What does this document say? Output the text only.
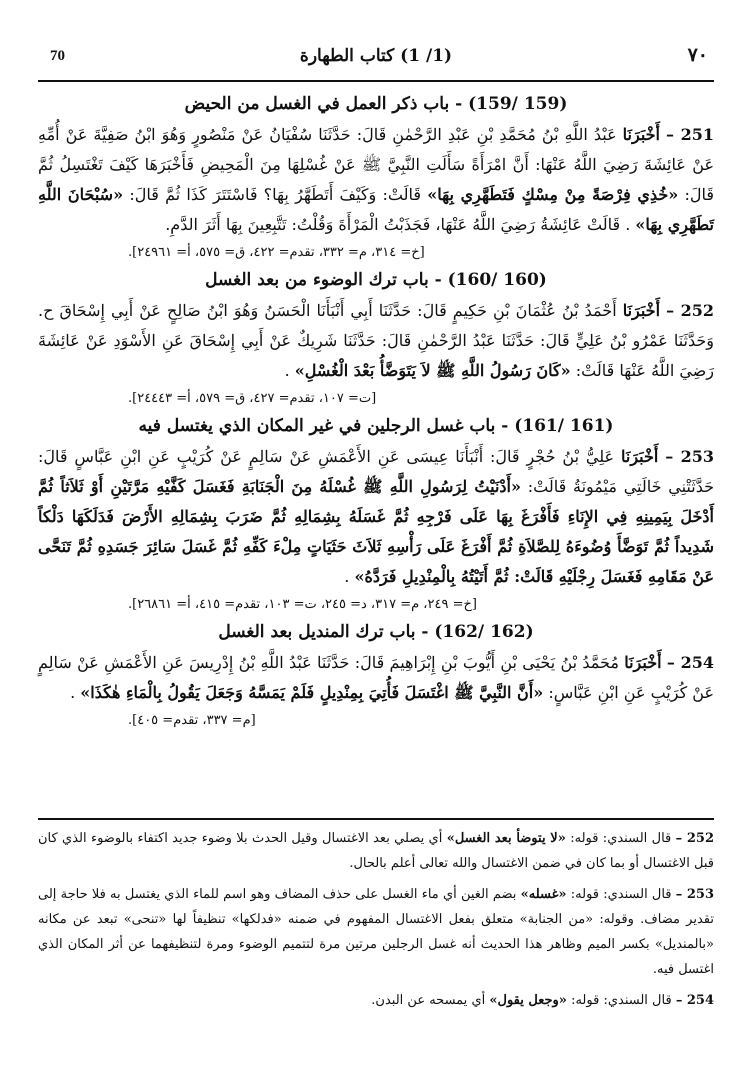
70	(1/ 1) كتاب الطهارة	٧٠
(159 /159) - باب ذكر العمل في الغسل من الحيض
251 – أَخْبَرَنَا عَبْدُ اللَّهِ بْنُ مُحَمَّدِ بْنِ عَبْدِ الرَّحْمٰنِ قَالَ: حَدَّثَنَا سُفْيَانُ عَنْ مَنْصُورٍ وَهُوَ ابْنُ صَفِيَّةَ عَنْ أُمِّهِ عَنْ عَائِشَةَ رَضِيَ اللَّهُ عَنْهَا: أَنَّ امْرَأَةً سَأَلَتِ النَّبِيَّ ﷺ عَنْ غُسْلِهَا مِنَ الْمَحِيضِ فَأَخْبَرَهَا كَيْفَ تَغْتَسِلُ ثُمَّ قَالَ: «خُذِي فِرْصَةً مِنْ مِسْكٍ فَتَطَهَّرِي بِهَا» قَالَتْ: وَكَيْفَ أَتَطَهَّرُ بِهَا؟ فَاسْتَتَرَ كَذَا ثُمَّ قَالَ: «سُبْحَانَ اللَّهِ تَطَهَّرِي بِهَا» . قَالَتْ عَائِشَةُ رَضِيَ اللَّهُ عَنْهَا، فَجَذَبْتُ الْمَرْأَةَ وَقُلْتُ: تَتَّبِعِينَ بِهَا أَثَرَ الدَّمِ.
[خ= ٣١٤، م= ٣٣٢، تقدم= ٤٢٢، ق= ٥٧٥، أ= ٢٤٩٦١].
(160 /160) - باب ترك الوضوء من بعد الغسل
252 – أَخْبَرَنَا أَحْمَدُ بْنُ عُثْمَانَ بْنِ حَكِيمٍ قَالَ: حَدَّثَنَا أَبِي أَنْبَأَنَا الْحَسَنُ وَهُوَ ابْنُ صَالِحٍ عَنْ أَبِي إِسْحَاقَ ح. وَحَدَّثَنَا عَمْرُو بْنُ عَلِيٍّ قَالَ: حَدَّثَنَا عَبْدُ الرَّحْمٰنِ قَالَ: حَدَّثَنَا شَرِيكٌ عَنْ أَبِي إِسْحَاقَ عَنِ الأَسْوَدِ عَنْ عَائِشَةَ رَضِيَ اللَّهُ عَنْهَا قَالَتْ: «كَانَ رَسُولُ اللَّهِ ﷺ لاَ يَتَوَضَّأُ بَعْدَ الْغُسْلِ» .
[ت= ١٠٧، تقدم= ٤٢٧، ق= ٥٧٩، أ= ٢٤٤٤٣].
(161 /161) - باب غسل الرجلين في غير المكان الذي يغتسل فيه
253 – أَخْبَرَنَا عَلِيُّ بْنُ حُجْرٍ قَالَ: أَنْبَأَنَا عِيسَى عَنِ الأَعْمَشِ عَنْ سَالِمٍ عَنْ كُرَيْبٍ عَنِ ابْنِ عَبَّاسٍ قَالَ: حَدَّثَتْنِي خَالَتِي مَيْمُونَةُ قَالَتْ: «أَدْنَيْتُ لِرَسُولِ اللَّهِ ﷺ غُسْلَهُ مِنَ الْجَنَابَةِ فَغَسَلَ كَفَّيْهِ مَرَّتَيْنِ أَوْ ثَلاَثاً ثُمَّ أَدْخَلَ بِيَمِينِهِ فِي الإِنَاءِ فَأَفْرَغَ بِهَا عَلَى فَرْجِهِ ثُمَّ غَسَلَهُ بِشِمَالِهِ ثُمَّ ضَرَبَ بِشِمَالِهِ الأَرْضَ فَدَلَكَهَا دَلْكاً شَدِيداً ثُمَّ تَوَضَّأَ وُضُوءَهُ لِلصَّلاَةِ ثُمَّ أَفْرَغَ عَلَى رَأْسِهِ ثَلاَثَ حَثَيَاتٍ مِلْءَ كَفِّهِ ثُمَّ غَسَلَ سَائِرَ جَسَدِهِ ثُمَّ تَنَحَّى عَنْ مَقَامِهِ فَغَسَلَ رِجْلَيْهِ قَالَتْ: ثُمَّ أَتَيْتُهُ بِالْمِنْدِيلِ فَرَدَّهُ» .
[خ= ٢٤٩، م= ٣١٧، د= ٢٤٥، ت= ١٠٣، تقدم= ٤١٥، أ= ٢٦٨٦١].
(162 /162) - باب ترك المنديل بعد الغسل
254 – أَخْبَرَنَا مُحَمَّدُ بْنُ يَحْيَى بْنِ أَيُّوبَ بْنِ إِبْرَاهِيمَ قَالَ: حَدَّثَنَا عَبْدُ اللَّهِ بْنُ إِدْرِيسَ عَنِ الأَعْمَشِ عَنْ سَالِمٍ عَنْ كُرَيْبٍ عَنِ ابْنِ عَبَّاسٍ: «أَنَّ النَّبِيَّ ﷺ اغْتَسَلَ فَأُتِيَ بِمِنْدِيلٍ فَلَمْ يَمَسَّهُ وَجَعَلَ يَقُولُ بِالْمَاءِ هٰكَذَا» .
[م= ٣٣٧، تقدم= ٤٠٥].
252 – قال السندي: قوله: «لا يتوضأ بعد الغسل» أي يصلي بعد الاغتسال وقيل الحدث بلا وضوء جديد اكتفاء بالوضوء الذي كان قبل الاغتسال أو بما كان في ضمن الاغتسال والله تعالى أعلم بالحال.
253 – قال السندي: قوله: «غسله» بضم الغين أي ماء الغسل على حذف المضاف وهو اسم للماء الذي يغتسل به فلا حاجة إلى تقدير مضاف. وقوله: «من الجنابة» متعلق بفعل الاغتسال المفهوم في ضمنه «فدلكها» تنظيفاً لها «تنحى» تبعد عن مكانه «بالمنديل» بكسر الميم وظاهر هذا الحديث أنه غسل الرجلين مرتين مرة لتتميم الوضوء ومرة لتنظيفهما عن أثر المكان الذي اغتسل فيه.
254 – قال السندي: قوله: «وجعل يقول» أي يمسحه عن البدن.
